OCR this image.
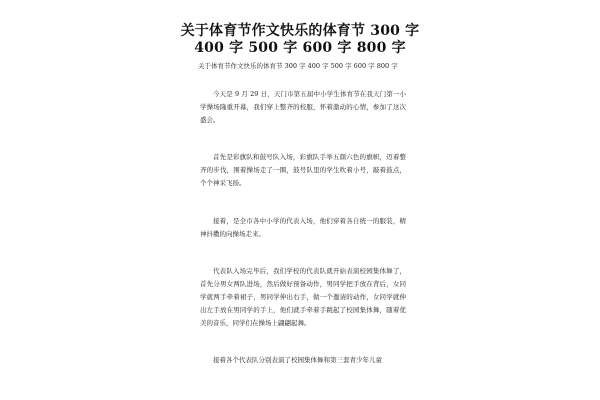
关于体育节作文快乐的体育节 300 字
400 字 500 字 600 字 800 字
关于体育节作文快乐的体育节 300 字 400 字 500 字 600 字 800 字

今天是 9 月 29 日，天门市第五届中小学生体育节在我天门第一小学操场隆重开幕，我们穿上整齐的校服，怀着激动的心情，参加了这次盛会。

首先是彩旗队和鼓号队入场，彩旗队手举五颜六色的旗帜，迈着整齐的步伐，围着操场走了一圈，鼓号队里的学生吹着小号，敲着鼓点，个个神采飞扬。

接着，是全市各中小学的代表入场，他们穿着各自统一的服装，精神抖擞的向操场走来。

代表队入场完毕后，我们学校的代表队就开始表演校园集体舞了，首先分男女两队进场，然后做好预备动作，男同学把手放在背后，女同学就两手牵着裙子，男同学伸出右手，做一个邀请的动作，女同学就伸出左手放在男同学的手上，他们就手牵着手跳起了校园集体舞，随着优美的音乐，同学们在操场上翩翩起舞。

接着各个代表队分别表演了校园集体舞和第三套青少年儿童
